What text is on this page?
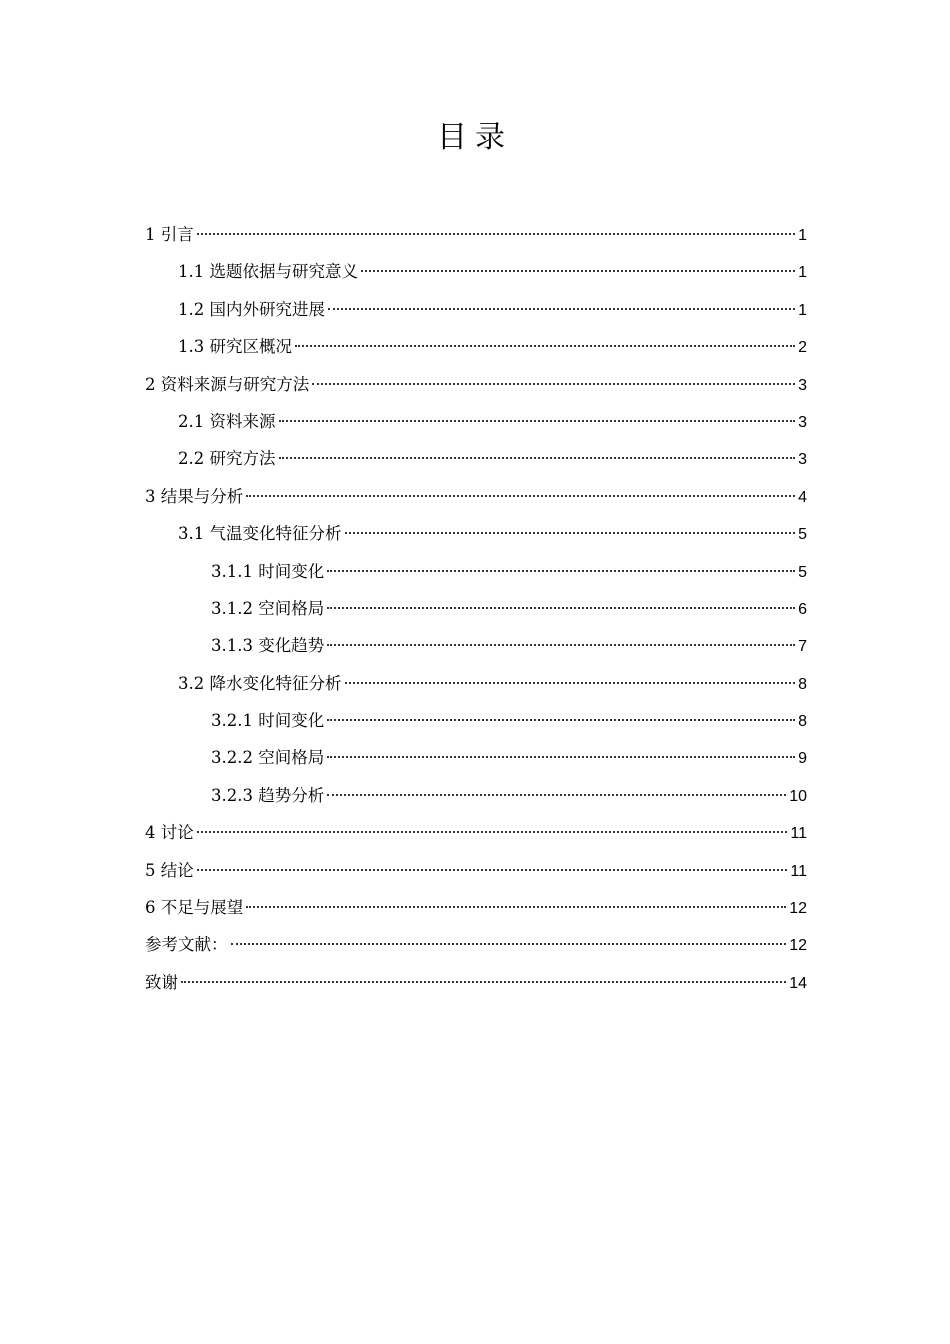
目录
1 引言	1
1.1 选题依据与研究意义	1
1.2 国内外研究进展	1
1.3 研究区概况	2
2 资料来源与研究方法	3
2.1 资料来源	3
2.2 研究方法	3
3 结果与分析	4
3.1 气温变化特征分析	5
3.1.1 时间变化	5
3.1.2 空间格局	6
3.1.3 变化趋势	7
3.2 降水变化特征分析	8
3.2.1 时间变化	8
3.2.2 空间格局	9
3.2.3 趋势分析	10
4 讨论	11
5 结论	11
6 不足与展望	12
参考文献：	12
致谢	14
